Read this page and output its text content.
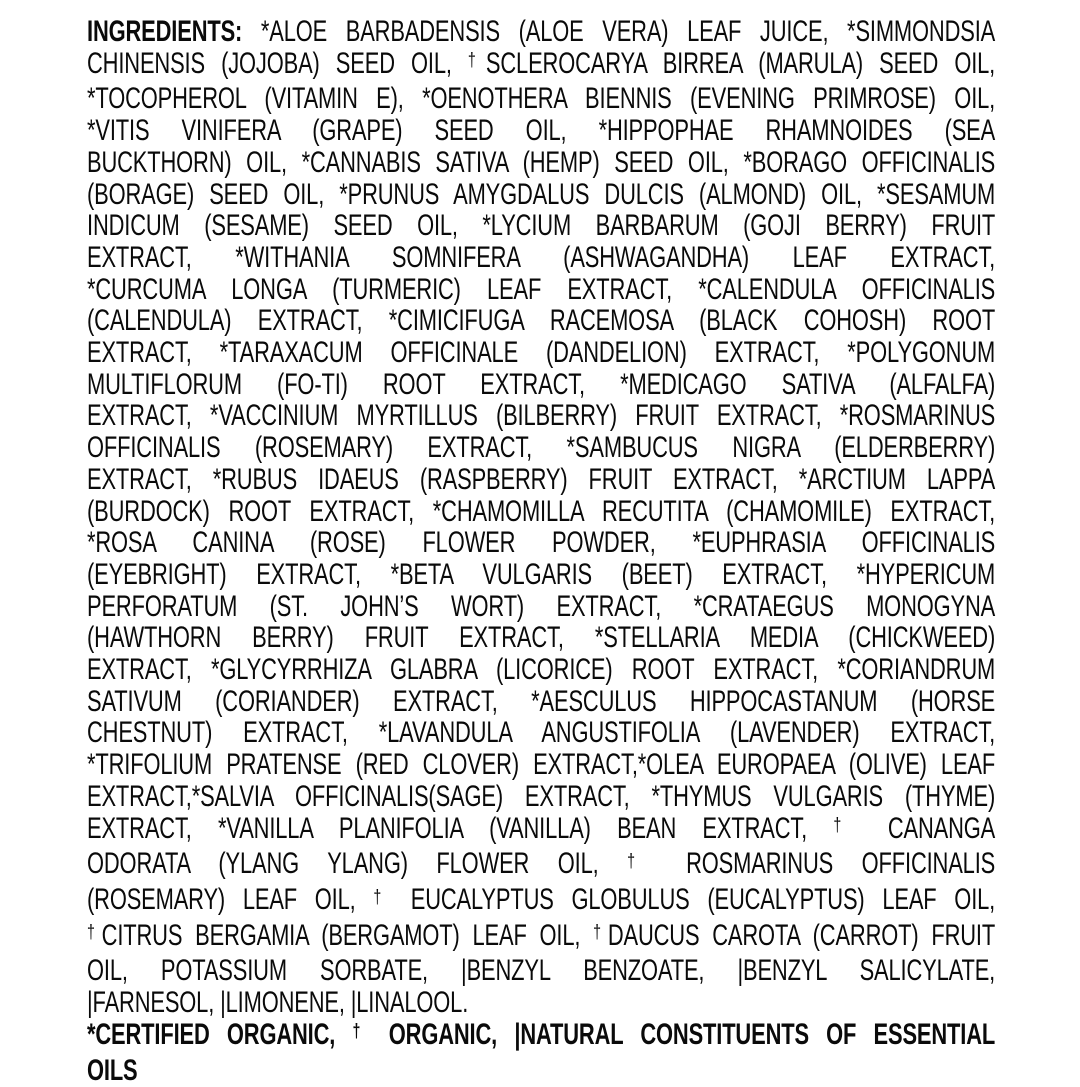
INGREDIENTS: *ALOE BARBADENSIS (ALOE VERA) LEAF JUICE, *SIMMONDSIA
CHINENSIS (JOJOBA) SEED OIL, †SCLEROCARYA BIRREA (MARULA) SEED OIL,
*TOCOPHEROL (VITAMIN E), *OENOTHERA BIENNIS (EVENING PRIMROSE) OIL,
*VITIS VINIFERA (GRAPE) SEED OIL, *HIPPOPHAE RHAMNOIDES (SEA
BUCKTHORN) OIL, *CANNABIS SATIVA (HEMP) SEED OIL, *BORAGO OFFICINALIS
(BORAGE) SEED OIL, *PRUNUS AMYGDALUS DULCIS (ALMOND) OIL, *SESAMUM
INDICUM (SESAME) SEED OIL, *LYCIUM BARBARUM (GOJI BERRY) FRUIT
EXTRACT, *WITHANIA SOMNIFERA (ASHWAGANDHA) LEAF EXTRACT,
*CURCUMA LONGA (TURMERIC) LEAF EXTRACT, *CALENDULA OFFICINALIS
(CALENDULA) EXTRACT, *CIMICIFUGA RACEMOSA (BLACK COHOSH) ROOT
EXTRACT, *TARAXACUM OFFICINALE (DANDELION) EXTRACT, *POLYGONUM
MULTIFLORUM (FO-TI) ROOT EXTRACT, *MEDICAGO SATIVA (ALFALFA)
EXTRACT, *VACCINIUM MYRTILLUS (BILBERRY) FRUIT EXTRACT, *ROSMARINUS
OFFICINALIS (ROSEMARY) EXTRACT, *SAMBUCUS NIGRA (ELDERBERRY)
EXTRACT, *RUBUS IDAEUS (RASPBERRY) FRUIT EXTRACT, *ARCTIUM LAPPA
(BURDOCK) ROOT EXTRACT, *CHAMOMILLA RECUTITA (CHAMOMILE) EXTRACT,
*ROSA CANINA (ROSE) FLOWER POWDER, *EUPHRASIA OFFICINALIS
(EYEBRIGHT) EXTRACT, *BETA VULGARIS (BEET) EXTRACT, *HYPERICUM
PERFORATUM (ST. JOHN’S WORT) EXTRACT, *CRATAEGUS MONOGYNA
(HAWTHORN BERRY) FRUIT EXTRACT, *STELLARIA MEDIA (CHICKWEED)
EXTRACT, *GLYCYRRHIZA GLABRA (LICORICE) ROOT EXTRACT, *CORIANDRUM
SATIVUM (CORIANDER) EXTRACT, *AESCULUS HIPPOCASTANUM (HORSE
CHESTNUT) EXTRACT, *LAVANDULA ANGUSTIFOLIA (LAVENDER) EXTRACT,
*TRIFOLIUM PRATENSE (RED CLOVER) EXTRACT,*OLEA EUROPAEA (OLIVE) LEAF
EXTRACT,*SALVIA OFFICINALIS(SAGE) EXTRACT, *THYMUS VULGARIS (THYME)
EXTRACT, *VANILLA PLANIFOLIA (VANILLA) BEAN EXTRACT, † CANANGA
ODORATA (YLANG YLANG) FLOWER OIL, † ROSMARINUS OFFICINALIS
(ROSEMARY) LEAF OIL, † EUCALYPTUS GLOBULUS (EUCALYPTUS) LEAF OIL,
†CITRUS BERGAMIA (BERGAMOT) LEAF OIL, †DAUCUS CAROTA (CARROT) FRUIT
OIL, POTASSIUM SORBATE, |BENZYL BENZOATE, |BENZYL SALICYLATE,
|FARNESOL, |LIMONENE, |LINALOOL.
*CERTIFIED ORGANIC, † ORGANIC, |NATURAL CONSTITUENTS OF ESSENTIAL
OILS
